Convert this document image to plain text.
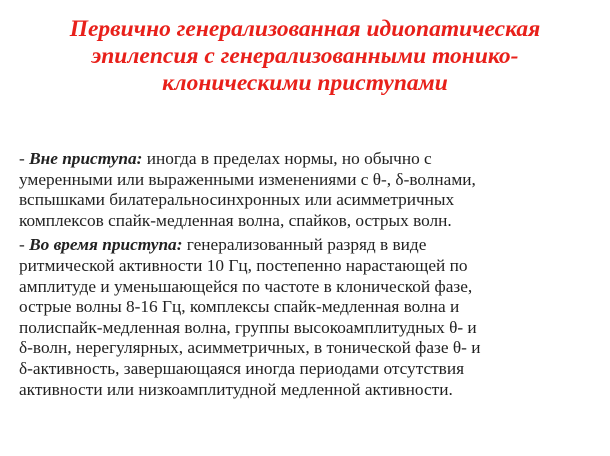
Первично генерализованная идиопатическая
эпилепсия с генерализованными тонико-
клоническими приступами
- Вне приступа: иногда в пределах нормы, но обычно с
умеренными или выраженными изменениями с θ-, δ-волнами,
вспышками билатеральносинхронных или асимметричных
комплексов спайк-медленная волна, спайков, острых волн.
- Во время приступа: генерализованный разряд в виде
ритмической активности 10 Гц, постепенно нарастающей по
амплитуде и уменьшающейся по частоте в клонической фазе,
острые волны 8-16 Гц, комплексы спайк-медленная волна и
полиспайк-медленная волна, группы высокоамплитудных θ- и
δ-волн, нерегулярных, асимметричных, в тонической фазе θ- и
δ-активность, завершающаяся иногда периодами отсутствия
активности или низкоамплитудной медленной активности.
